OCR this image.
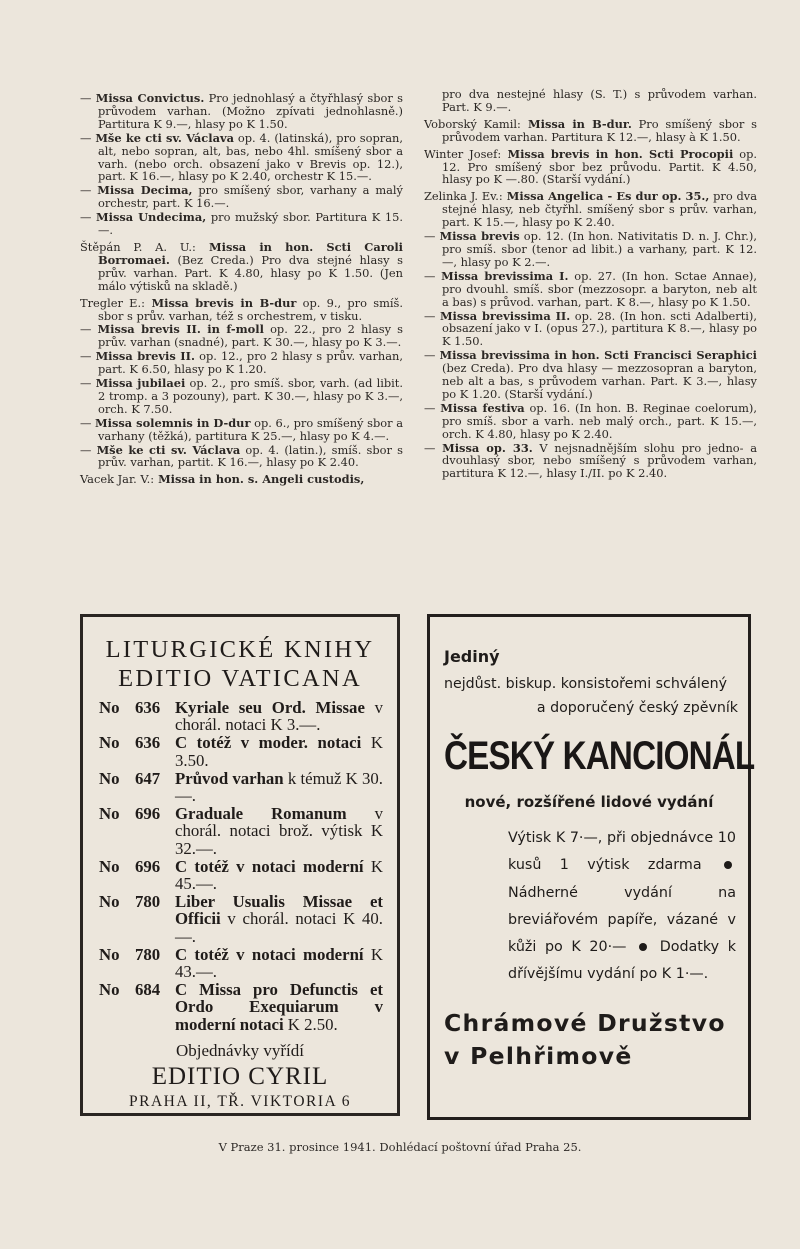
— Missa Convictus. Pro jednohlasý a čtyřhlasý sbor s průvodem varhan. (Možno zpívati jednohlasně.) Partitura K 9.—, hlasy po K 1.50.
— Mše ke cti sv. Václava op. 4. (latinská), pro sopran, alt, nebo sopran, alt, bas, nebo 4hl. smíšený sbor a varh. (nebo orch. obsazení jako v Brevis op. 12.), part. K 16.—, hlasy po K 2.40, orchestr K 15.—.
— Missa Decima, pro smíšený sbor, varhany a malý orchestr, part. K 16.—.
— Missa Undecima, pro mužský sbor. Partitura K 15.—.
Štěpán P. A. U.: Missa in hon. Scti Caroli Borromaei. (Bez Creda.) Pro dva stejné hlasy s prův. varhan. Part. K 4.80, hlasy po K 1.50. (Jen málo výtisků na skladě.)
Tregler E.: Missa brevis in B-dur op. 9., pro smíš. sbor s prův. varhan, též s orchestrem, v tisku.
— Missa brevis II. in f-moll op. 22., pro 2 hlasy s prův. varhan (snadné), part. K 30.—, hlasy po K 3.—.
— Missa brevis II. op. 12., pro 2 hlasy s prův. varhan, part. K 6.50, hlasy po K 1.20.
— Missa jubilaei op. 2., pro smíš. sbor, varh. (ad libit. 2 tromp. a 3 pozouny), part. K 30.—, hlasy po K 3.—, orch. K 7.50.
— Missa solemnis in D-dur op. 6., pro smíšený sbor a varhany (těžká), partitura K 25.—, hlasy po K 4.—.
— Mše ke cti sv. Václava op. 4. (latin.), smíš. sbor s prův. varhan, partit. K 16.—, hlasy po K 2.40.
Vacek Jar. V.: Missa in hon. s. Angeli custodis,
pro dva nestejné hlasy (S. T.) s průvodem varhan. Part. K 9.—.
Voborský Kamil: Missa in B-dur. Pro smíšený sbor s průvodem varhan. Partitura K 12.—, hlasy à K 1.50.
Winter Josef: Missa brevis in hon. Scti Procopii op. 12. Pro smíšený sbor bez průvodu. Partit. K 4.50, hlasy po K —.80. (Starší vydání.)
Zelinka J. Ev.: Missa Angelica - Es dur op. 35., pro dva stejné hlasy, neb čtyřhl. smíšený sbor s prův. varhan, part. K 15.—, hlasy po K 2.40.
— Missa brevis op. 12. (In hon. Nativitatis D. n. J. Chr.), pro smíš. sbor (tenor ad libit.) a varhany, part. K 12.—, hlasy po K 2.—.
— Missa brevissima I. op. 27. (In hon. Sctae Annae), pro dvouhl. smíš. sbor (mezzosopr. a baryton, neb alt a bas) s průvod. varhan, part. K 8.—, hlasy po K 1.50.
— Missa brevissima II. op. 28. (In hon. scti Adalberti), obsazení jako v I. (opus 27.), partitura K 8.—, hlasy po K 1.50.
— Missa brevissima in hon. Scti Francisci Seraphici (bez Creda). Pro dva hlasy — mezzosopran a baryton, neb alt a bas, s průvodem varhan. Part. K 3.—, hlasy po K 1.20. (Starší vydání.)
— Missa festiva op. 16. (In hon. B. Reginae coelorum), pro smíš. sbor a varh. neb malý orch., part. K 15.—, orch. K 4.80, hlasy po K 2.40.
— Missa op. 33. V nejsnadnějším slohu pro jedno- a dvouhlasý sbor, nebo smíšený s průvodem varhan, partitura K 12.—, hlasy I./II. po K 2.40.
LITURGICKÉ KNIHY
EDITIO VATICANA
No 636 Kyriale seu Ord. Missae v chorál. notaci K 3.—.
No 636 C totéž v moder. notaci K 3.50.
No 647 Průvod varhan k témuž K 30.—.
No 696 Graduale Romanum v chorál. notaci brož. výtisk K 32.—.
No 696 C totéž v notaci moderní K 45.—.
No 780 Liber Usualis Missae et Officii v chorál. notaci K 40.—.
No 780 C totéž v notaci moderní K 43.—.
No 684 C Missa pro Defunctis et Ordo Exequiarum v moderní notaci K 2.50.
Objednávky vyřídí
EDITIO CYRIL
PRAHA II, TŘ. VIKTORIA 6
Jediný
nejdůst. biskup. konsistořemi schválený
a doporučený český zpěvník
ČESKÝ KANCIONÁL
nové, rozšířené lidové vydání
Výtisk K 7·—, při objednávce 10 kusů 1 výtisk zdarma  Nádherné vydání na breviářovém papíře, vázané v kůži po K 20·— Dodatky k dřívějšímu vydání po K 1·—.
Chrámové Družstvo
v Pelhřimově
V Praze 31. prosince 1941. Dohlédací poštovní úřad Praha 25.
